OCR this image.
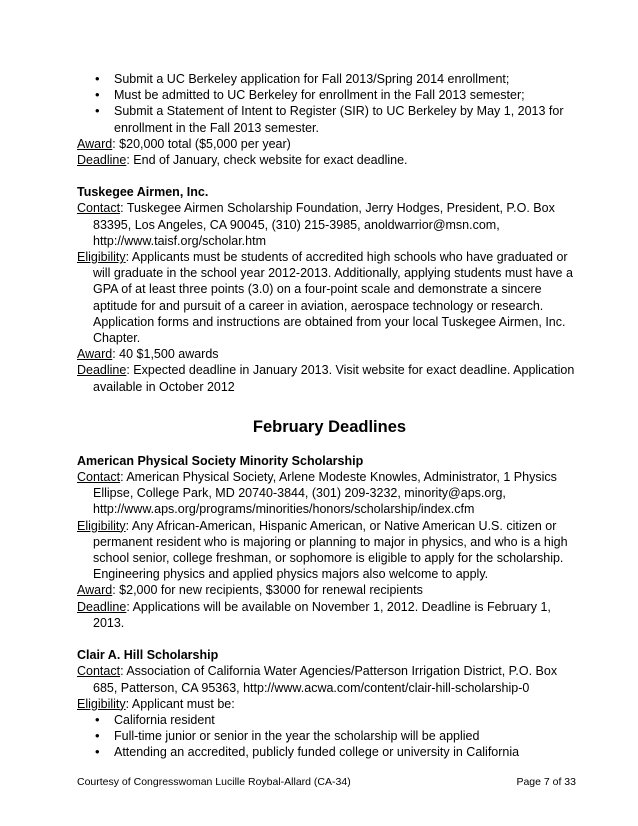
• Submit a UC Berkeley application for Fall 2013/Spring 2014 enrollment;
• Must be admitted to UC Berkeley for enrollment in the Fall 2013 semester;
• Submit a Statement of Intent to Register (SIR) to UC Berkeley by May 1, 2013 for enrollment in the Fall 2013 semester.

Award: $20,000 total ($5,000 per year)

Deadline: End of January, check website for exact deadline.

Tuskegee Airmen, Inc.

Contact: Tuskegee Airmen Scholarship Foundation, Jerry Hodges, President, P.O. Box 83395, Los Angeles, CA 90045, (310) 215-3985, anoldwarrior@msn.com, http://www.taisf.org/scholar.htm

Eligibility: Applicants must be students of accredited high schools who have graduated or will graduate in the school year 2012-2013. Additionally, applying students must have a GPA of at least three points (3.0) on a four-point scale and demonstrate a sincere aptitude for and pursuit of a career in aviation, aerospace technology or research. Application forms and instructions are obtained from your local Tuskegee Airmen, Inc. Chapter.

Award: 40 $1,500 awards

Deadline: Expected deadline in January 2013. Visit website for exact deadline. Application available in October 2012

February Deadlines

American Physical Society Minority Scholarship

Contact: American Physical Society, Arlene Modeste Knowles, Administrator, 1 Physics Ellipse, College Park, MD 20740-3844, (301) 209-3232, minority@aps.org, http://www.aps.org/programs/minorities/honors/scholarship/index.cfm

Eligibility: Any African-American, Hispanic American, or Native American U.S. citizen or permanent resident who is majoring or planning to major in physics, and who is a high school senior, college freshman, or sophomore is eligible to apply for the scholarship. Engineering physics and applied physics majors also welcome to apply.

Award: $2,000 for new recipients, $3000 for renewal recipients

Deadline: Applications will be available on November 1, 2012. Deadline is February 1, 2013.

Clair A. Hill Scholarship

Contact: Association of California Water Agencies/Patterson Irrigation District, P.O. Box 685, Patterson, CA 95363, http://www.acwa.com/content/clair-hill-scholarship-0

Eligibility: Applicant must be:

• California resident
• Full-time junior or senior in the year the scholarship will be applied
• Attending an accredited, publicly funded college or university in California
Courtesy of Congresswoman Lucille Roybal-Allard (CA-34)	Page 7 of 33
